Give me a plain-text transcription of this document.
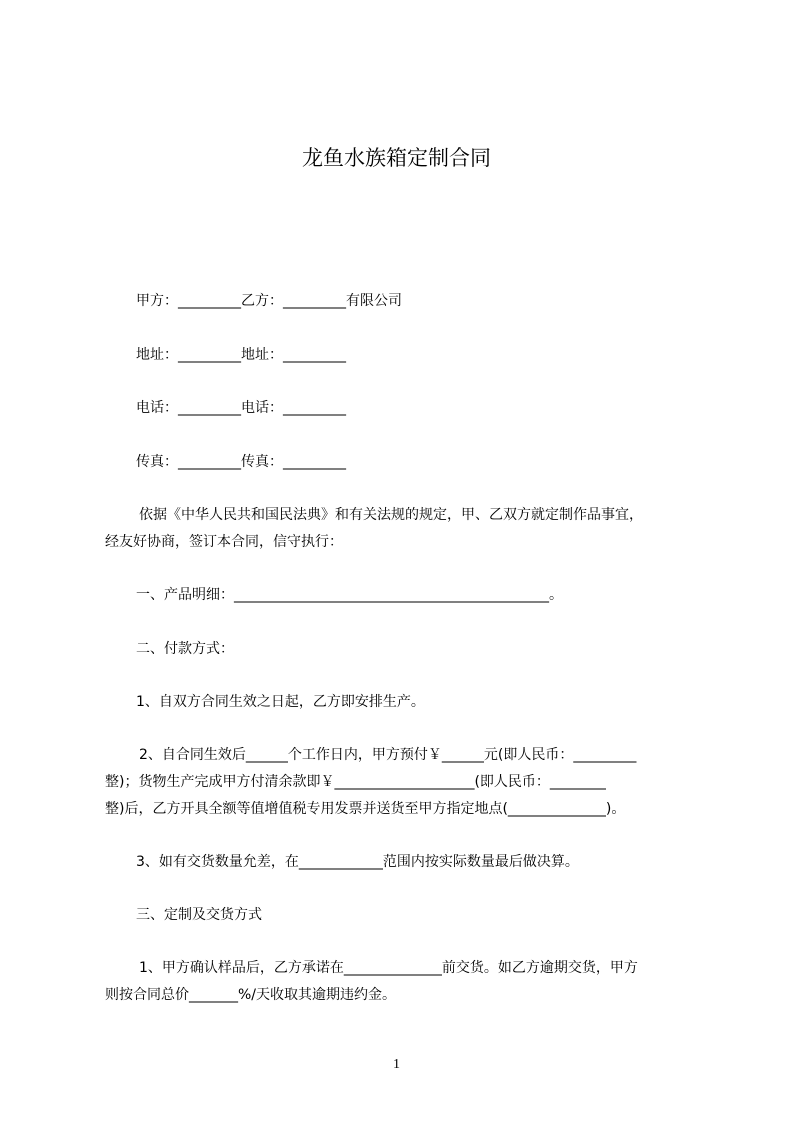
龙鱼水族箱定制合同
甲方：_________乙方：_________有限公司
地址：_________地址：_________
电话：_________电话：_________
传真：_________传真：_________
依据《中华人民共和国民法典》和有关法规的规定，甲、乙双方就定制作品事宜，
经友好协商，签订本合同，信守执行：
一、产品明细：_____________________________________________。
二、付款方式：
1、自双方合同生效之日起，乙方即安排生产。
2、自合同生效后______个工作日内，甲方预付￥______元(即人民币：_________
整)；货物生产完成甲方付清余款即￥____________________(即人民币：________
整)后，乙方开具全额等值增值税专用发票并送货至甲方指定地点(______________)。
3、如有交货数量允差，在____________范围内按实际数量最后做决算。
三、定制及交货方式
1、甲方确认样品后，乙方承诺在______________前交货。如乙方逾期交货，甲方
则按合同总价_______%/天收取其逾期违约金。
1
